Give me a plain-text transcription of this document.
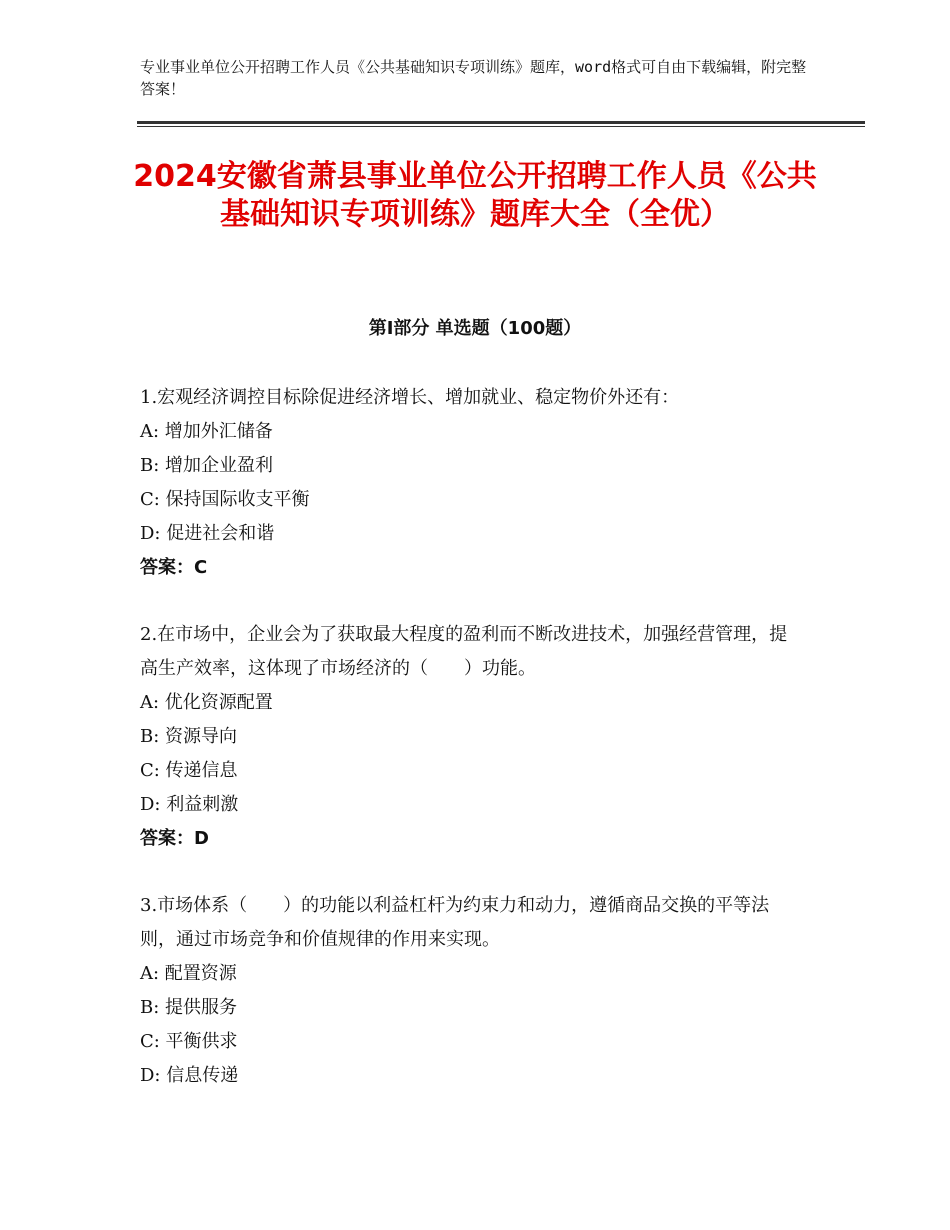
专业事业单位公开招聘工作人员《公共基础知识专项训练》题库，word格式可自由下载编辑，附完整答案！
2024安徽省萧县事业单位公开招聘工作人员《公共基础知识专项训练》题库大全（全优）
第Ⅰ部分 单选题（100题）
1.宏观经济调控目标除促进经济增长、增加就业、稳定物价外还有：
A: 增加外汇储备
B: 增加企业盈利
C: 保持国际收支平衡
D: 促进社会和谐
答案：C
2.在市场中，企业会为了获取最大程度的盈利而不断改进技术，加强经营管理，提高生产效率，这体现了市场经济的（　　）功能。
A: 优化资源配置
B: 资源导向
C: 传递信息
D: 利益刺激
答案：D
3.市场体系（　　）的功能以利益杠杆为约束力和动力，遵循商品交换的平等法则，通过市场竞争和价值规律的作用来实现。
A: 配置资源
B: 提供服务
C: 平衡供求
D: 信息传递
